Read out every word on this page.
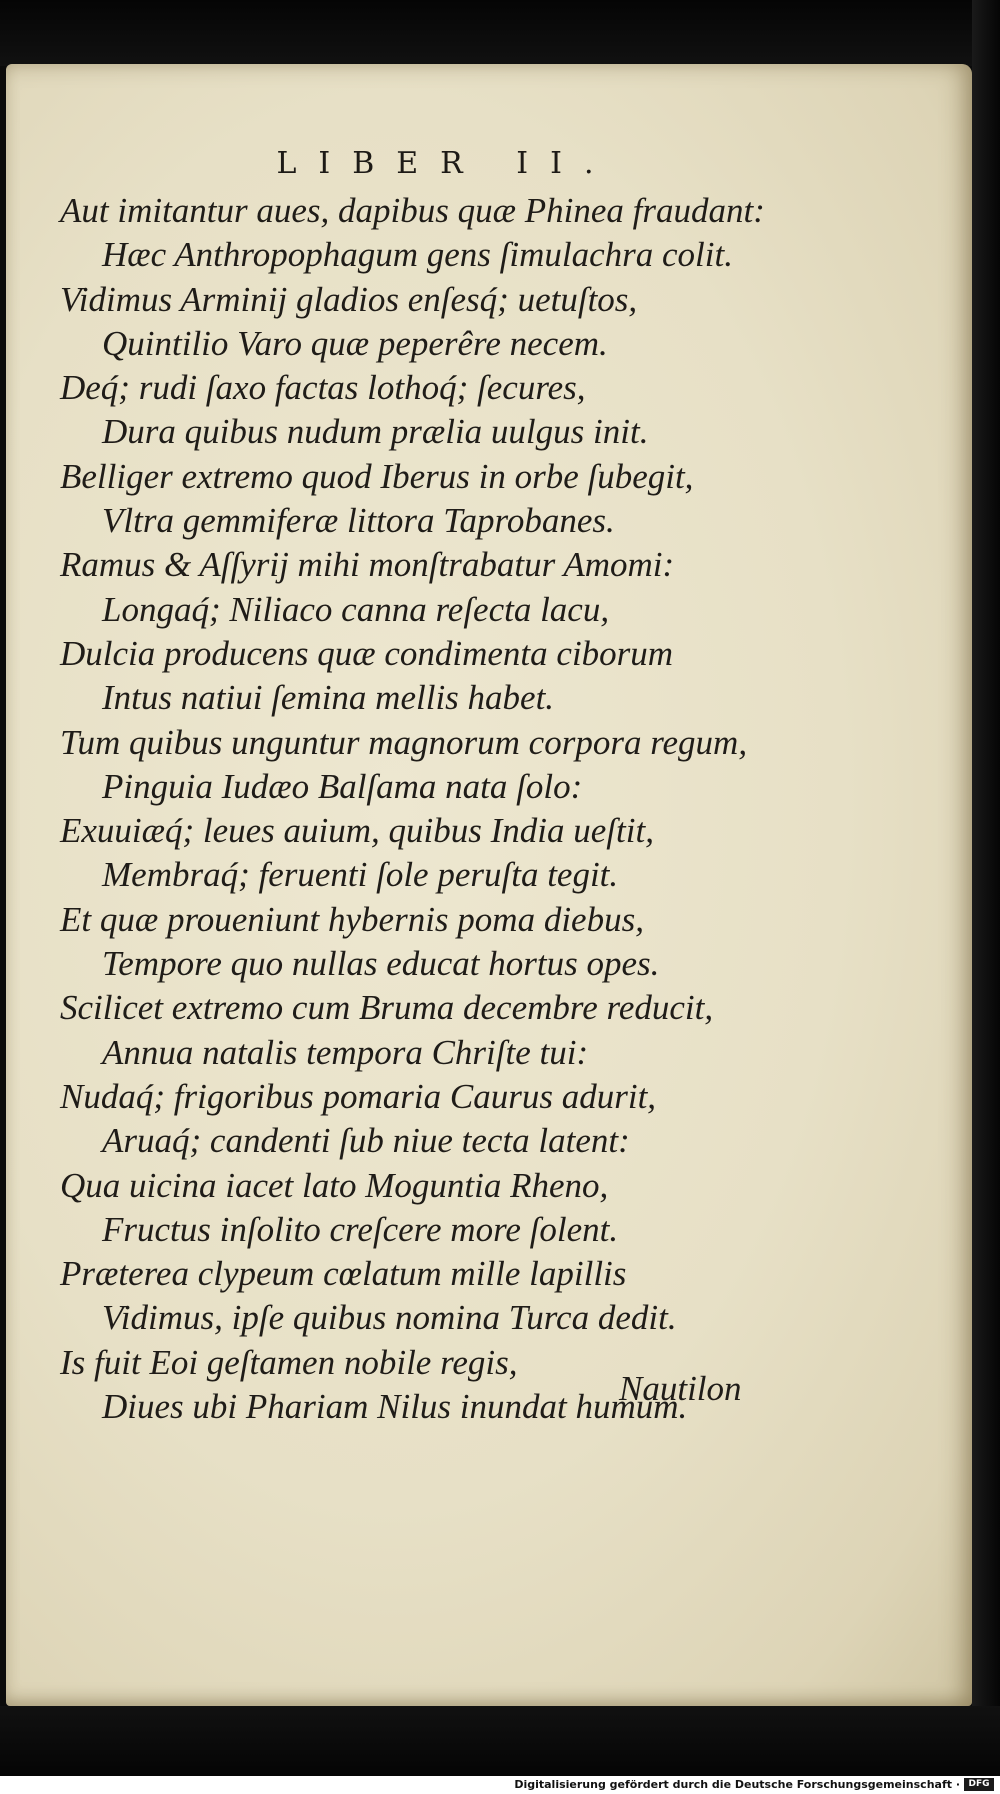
LIBER II.
Aut imitantur aues, dapibus quæ Phinea fraudant:
Hæc Anthropophagum gens ſimulachra colit.
Vidimus Arminij gladios enſesq́; uetuſtos,
Quintilio Varo quæ peperêre necem.
Deq́; rudi ſaxo factas lothoq́; ſecures,
Dura quibus nudum prælia uulgus init.
Belliger extremo quod Iberus in orbe ſubegit,
Vltra gemmiferæ littora Taprobanes.
Ramus & Aſſyrij mihi monſtrabatur Amomi:
Longaq́; Niliaco canna reſecta lacu,
Dulcia producens quæ condimenta ciborum
Intus natiui ſemina mellis habet.
Tum quibus unguntur magnorum corpora regum,
Pinguia Iudæo Balſama nata ſolo:
Exuuiæq́; leues auium, quibus India ueſtit,
Membraq́; feruenti ſole peruſta tegit.
Et quæ proueniunt hybernis poma diebus,
Tempore quo nullas educat hortus opes.
Scilicet extremo cum Bruma decembre reducit,
Annua natalis tempora Chriſte tui:
Nudaq́; frigoribus pomaria Caurus adurit,
Aruaq́; candenti ſub niue tecta latent:
Qua uicina iacet lato Moguntia Rheno,
Fructus inſolito creſcere more ſolent.
Præterea clypeum cœlatum mille lapillis
Vidimus, ipſe quibus nomina Turca dedit.
Is fuit Eoi geſtamen nobile regis,
Diues ubi Phariam Nilus inundat humum.
Nautilon
Digitalisierung gefördert durch die Deutsche Forschungsgemeinschaft · DFG
